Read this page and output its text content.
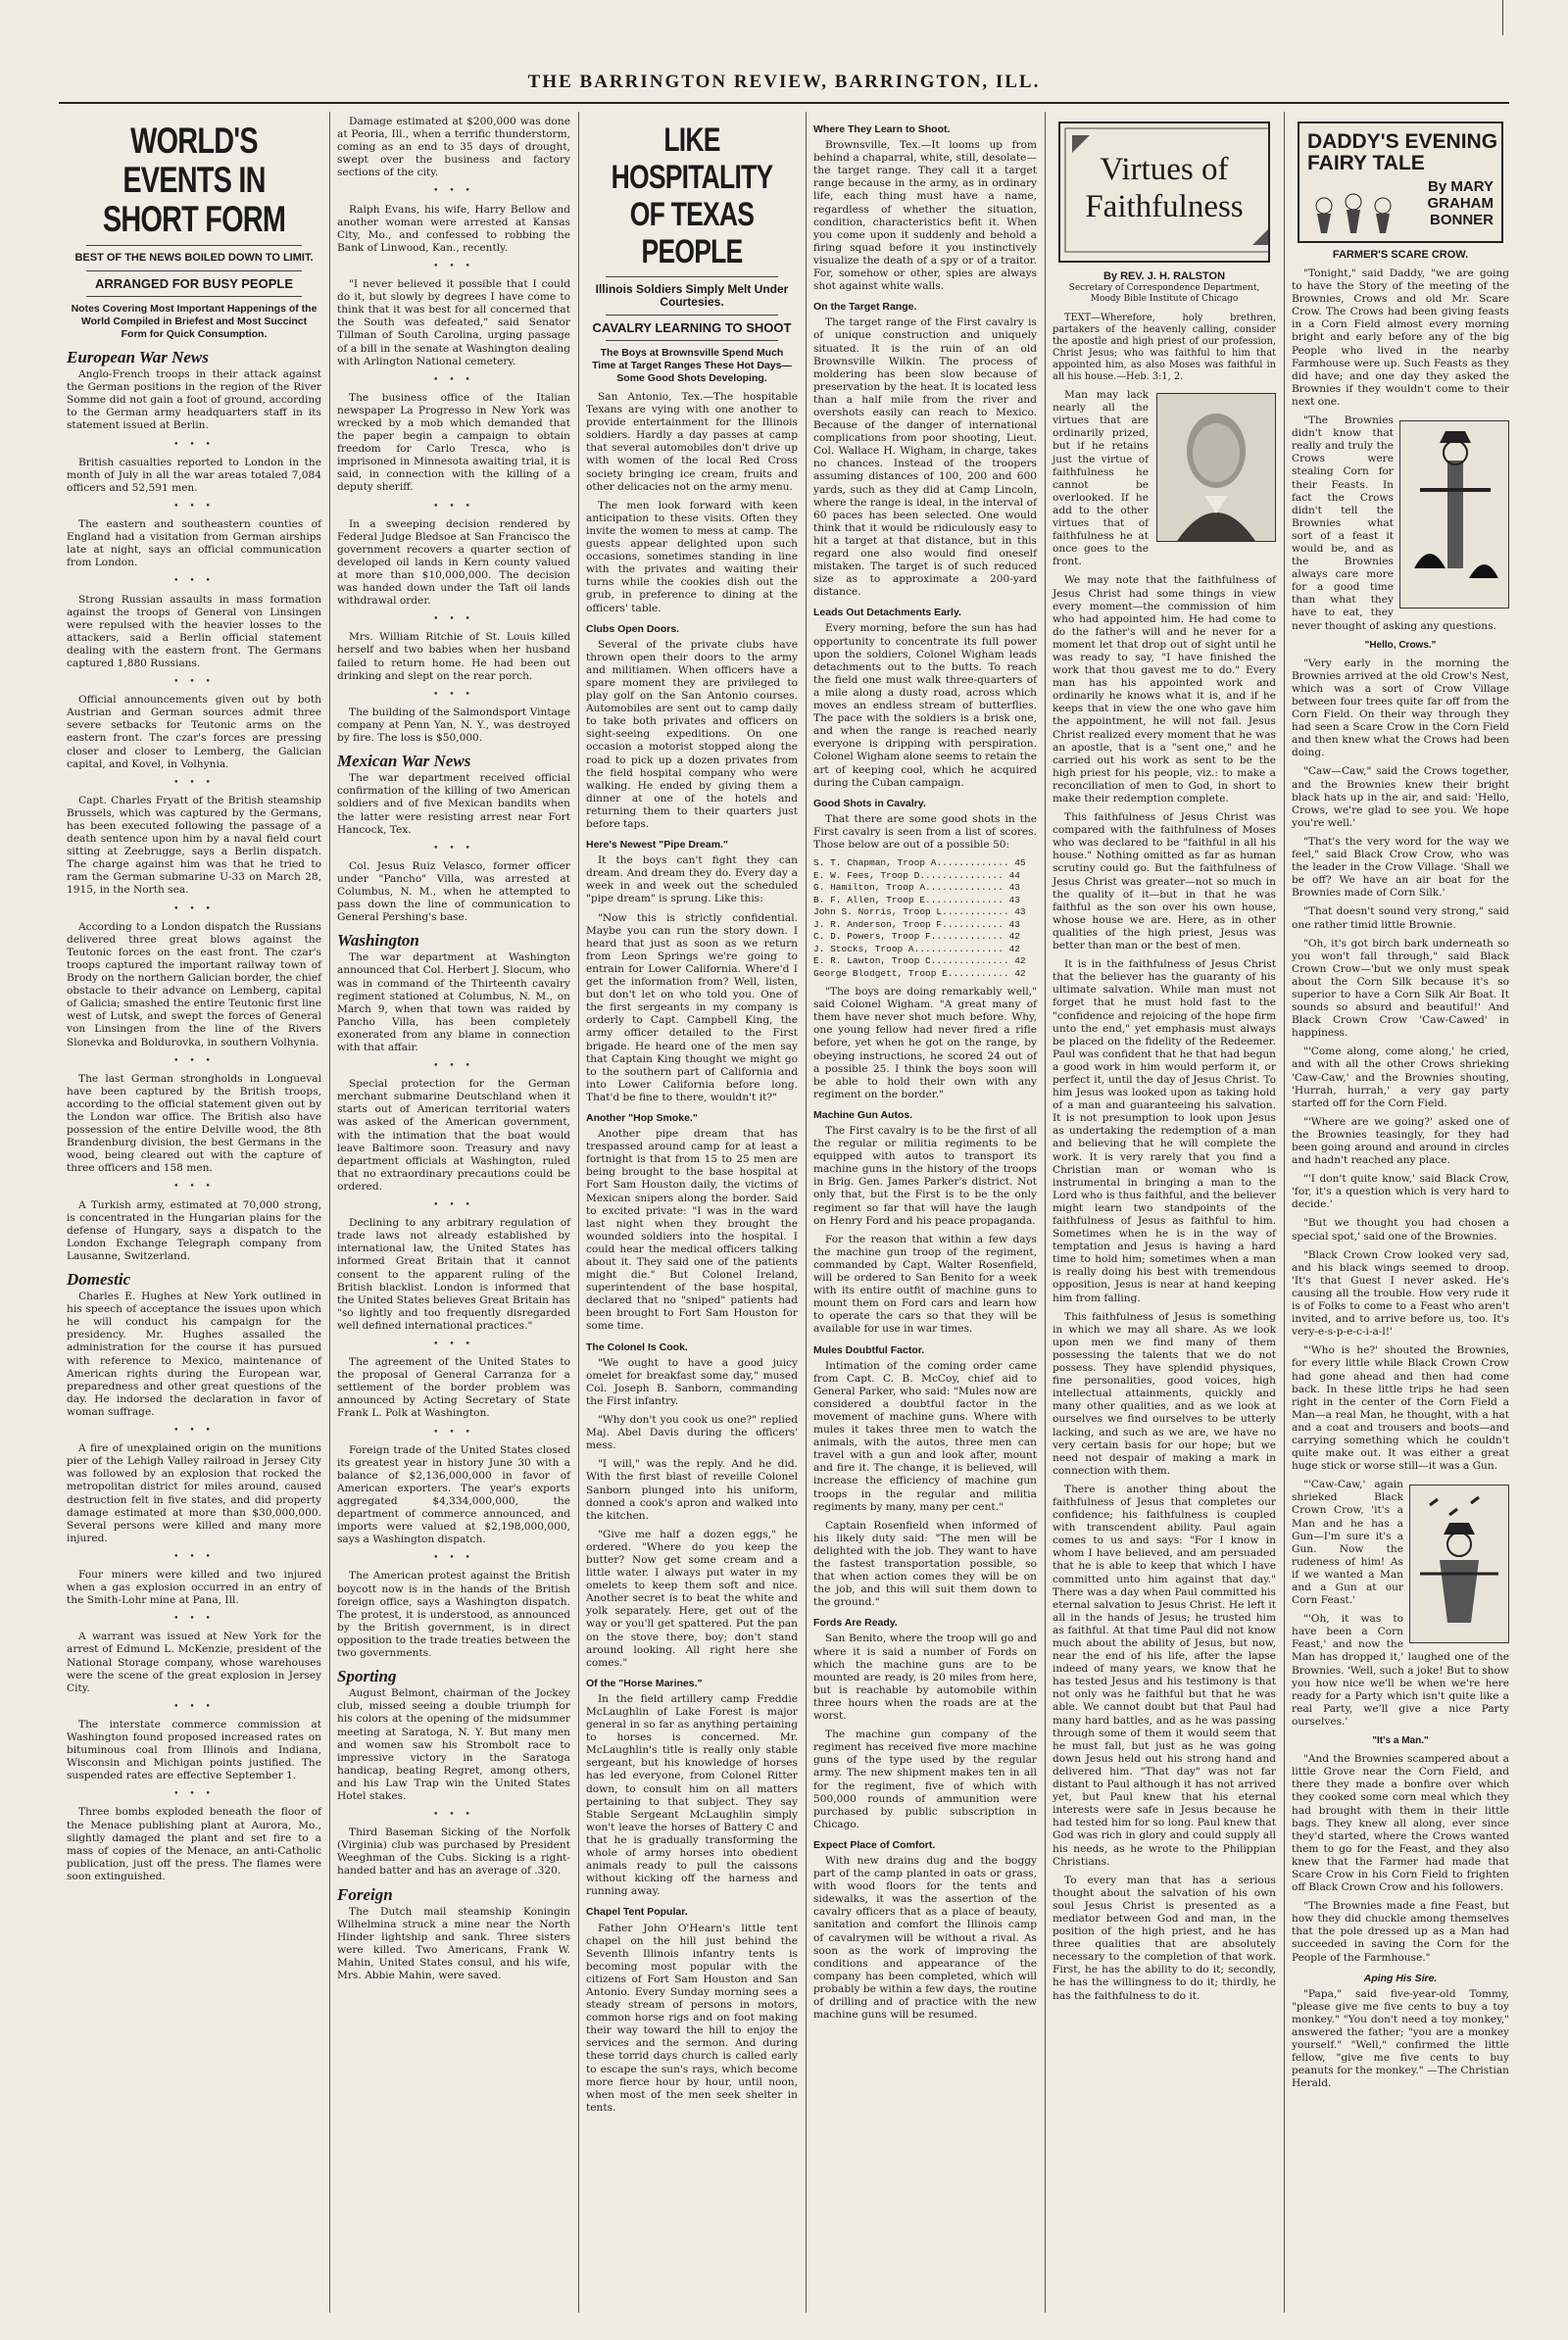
THE BARRINGTON REVIEW, BARRINGTON, ILL.
WORLD'S EVENTS IN SHORT FORM
BEST OF THE NEWS BOILED DOWN TO LIMIT.
ARRANGED FOR BUSY PEOPLE
Notes Covering Most Important Happenings of the World Compiled in Briefest and Most Succinct Form for Quick Consumption.
European War News

Anglo-French troops in their attack against the German positions in the region of the River Somme did not gain a foot of ground, according to the German army headquarters staff in its statement issued at Berlin.

• • •

British casualties reported to London in the month of July in all the war areas totaled 7,084 officers and 52,591 men.

• • •

The eastern and southeastern counties of England had a visitation from German airships late at night, says an official communication from London.

• • •

Strong Russian assaults in mass formation against the troops of General von Linsingen were repulsed with the heavier losses to the attackers, said a Berlin official statement dealing with the eastern front. The Germans captured 1,880 Russians.

• • •

Official announcements given out by both Austrian and German sources admit three severe setbacks for Teutonic arms on the eastern front. The czar's forces are pressing closer and closer to Lemberg, the Galician capital, and Kovel, in Volhynia.

• • •

Capt. Charles Fryatt of the British steamship Brussels, which was captured by the Germans, has been executed following the passage of a death sentence upon him by a naval field court sitting at Zeebrugge, says a Berlin dispatch. The charge against him was that he tried to ram the German submarine U-33 on March 28, 1915, in the North sea.

• • •

According to a London dispatch the Russians delivered three great blows against the Teutonic forces on the east front. The czar's troops captured the important railway town of Brody on the northern Galician border, the chief obstacle to their advance on Lemberg, capital of Galicia; smashed the entire Teutonic first line west of Lutsk, and swept the forces of General von Linsingen from the line of the Rivers Slonevka and Boldurovka, in southern Volhynia.

• • •

The last German strongholds in Longueval have been captured by the British troops, according to the official statement given out by the London war office. The British also have possession of the entire Delville wood, the 8th Brandenburg division, the best Germans in the wood, being cleared out with the capture of three officers and 158 men.

• • •

A Turkish army, estimated at 70,000 strong, is concentrated in the Hungarian plains for the defense of Hungary, says a dispatch to the London Exchange Telegraph company from Lausanne, Switzerland.

Domestic

Charles E. Hughes at New York outlined in his speech of acceptance the issues upon which he will conduct his campaign for the presidency. Mr. Hughes assailed the administration for the course it has pursued with reference to Mexico, maintenance of American rights during the European war, preparedness and other great questions of the day. He indorsed the declaration in favor of woman suffrage.

• • •

A fire of unexplained origin on the munitions pier of the Lehigh Valley railroad in Jersey City was followed by an explosion that rocked the metropolitan district for miles around, caused destruction felt in five states, and did property damage estimated at more than $30,000,000. Several persons were killed and many more injured.

• • •

Four miners were killed and two injured when a gas explosion occurred in an entry of the Smith-Lohr mine at Pana, Ill.

• • •

A warrant was issued at New York for the arrest of Edmund L. McKenzie, president of the National Storage company, whose warehouses were the scene of the great explosion in Jersey City.

• • •

The interstate commerce commission at Washington found proposed increased rates on bituminous coal from Illinois and Indiana, Wisconsin and Michigan points justified. The suspended rates are effective September 1.

• • •

Three bombs exploded beneath the floor of the Menace publishing plant at Aurora, Mo., slightly damaged the plant and set fire to a mass of copies of the Menace, an anti-Catholic publication, just off the press. The flames were soon extinguished.

Damage estimated at $200,000 was done at Peoria, Ill., when a terrific thunderstorm, coming as an end to 35 days of drought, swept over the business and factory sections of the city.

• • •

Ralph Evans, his wife, Harry Bellow and another woman were arrested at Kansas City, Mo., and confessed to robbing the Bank of Linwood, Kan., recently.

• • •

"I never believed it possible that I could do it, but slowly by degrees I have come to think that it was best for all concerned that the South was defeated," said Senator Tillman of South Carolina, urging passage of a bill in the senate at Washington dealing with Arlington National cemetery.

• • •

The business office of the Italian newspaper La Progresso in New York was wrecked by a mob which demanded that the paper begin a campaign to obtain freedom for Carlo Tresca, who is imprisoned in Minnesota awaiting trial, it is said, in connection with the killing of a deputy sheriff.

• • •

In a sweeping decision rendered by Federal Judge Bledsoe at San Francisco the government recovers a quarter section of developed oil lands in Kern county valued at more than $10,000,000. The decision was handed down under the Taft oil lands withdrawal order.

• • •

Mrs. William Ritchie of St. Louis killed herself and two babies when her husband failed to return home. He had been out drinking and slept on the rear porch.

• • •

The building of the Salmondsport Vintage company at Penn Yan, N. Y., was destroyed by fire. The loss is $50,000.

Mexican War News

The war department received official confirmation of the killing of two American soldiers and of five Mexican bandits when the latter were resisting arrest near Fort Hancock, Tex.

• • •

Col. Jesus Ruiz Velasco, former officer under "Pancho" Villa, was arrested at Columbus, N. M., when he attempted to pass down the line of communication to General Pershing's base.

Washington

The war department at Washington announced that Col. Herbert J. Slocum, who was in command of the Thirteenth cavalry regiment stationed at Columbus, N. M., on March 9, when that town was raided by Pancho Villa, has been completely exonerated from any blame in connection with that affair.

• • •

Special protection for the German merchant submarine Deutschland when it starts out of American territorial waters was asked of the American government, with the intimation that the boat would leave Baltimore soon. Treasury and navy department officials at Washington, ruled that no extraordinary precautions could be ordered.

• • •

Declining to any arbitrary regulation of trade laws not already established by international law, the United States has informed Great Britain that it cannot consent to the apparent ruling of the British blacklist. London is informed that the United States believes Great Britain has "so lightly and too frequently disregarded well defined international practices."

• • •

The agreement of the United States to the proposal of General Carranza for a settlement of the border problem was announced by Acting Secretary of State Frank L. Polk at Washington.

• • •

Foreign trade of the United States closed its greatest year in history June 30 with a balance of $2,136,000,000 in favor of American exporters. The year's exports aggregated $4,334,000,000, the department of commerce announced, and imports were valued at $2,198,000,000, says a Washington dispatch.

• • •

The American protest against the British boycott now is in the hands of the British foreign office, says a Washington dispatch. The protest, it is understood, as announced by the British government, is in direct opposition to the trade treaties between the two governments.

Sporting

August Belmont, chairman of the Jockey club, missed seeing a double triumph for his colors at the opening of the midsummer meeting at Saratoga, N. Y. But many men and women saw his Strombolt race to impressive victory in the Saratoga handicap, beating Regret, among others, and his Law Trap win the United States Hotel stakes.

• • •

Third Baseman Sicking of the Norfolk (Virginia) club was purchased by President Weeghman of the Cubs. Sicking is a right-handed batter and has an average of .320.

Foreign

The Dutch mail steamship Koningin Wilhelmina struck a mine near the North Hinder lightship and sank. Three sisters were killed. Two Americans, Frank W. Mahin, United States consul, and his wife, Mrs. Abbie Mahin, were saved.

LIKE HOSPITALITY OF TEXAS PEOPLE
Illinois Soldiers Simply Melt Under Courtesies.
CAVALRY LEARNING TO SHOOT
The Boys at Brownsville Spend Much Time at Target Ranges These Hot Days—Some Good Shots Developing.

San Antonio, Tex.—The hospitable Texans are vying with one another to provide entertainment for the Illinois soldiers. Hardly a day passes at camp that several automobiles don't drive up with women of the local Red Cross society bringing ice cream, fruits and other delicacies not on the army menu.

The men look forward with keen anticipation to these visits. Often they invite the women to mess at camp. The guests appear delighted upon such occasions, sometimes standing in line with the privates and waiting their turns while the cookies dish out the grub, in preference to dining at the officers' table.

Clubs Open Doors.

Several of the private clubs have thrown open their doors to the army and militiamen. When officers have a spare moment they are privileged to play golf on the San Antonio courses. Automobiles are sent out to camp daily to take both privates and officers on sight-seeing expeditions. On one occasion a motorist stopped along the road to pick up a dozen privates from the field hospital company who were walking. He ended by giving them a dinner at one of the hotels and returning them to their quarters just before taps.

Here's Newest "Pipe Dream."

It the boys can't fight they can dream. And dream they do. Every day a week in and week out the scheduled "pipe dream" is sprung. Like this:

"Now this is strictly confidential. Maybe you can run the story down. I heard that just as soon as we return from Leon Springs we're going to entrain for Lower California. Where'd I get the information from? Well, listen, but don't let on who told you. One of the first sergeants in my company is orderly to Capt. Campbell King, the army officer detailed to the First brigade. He heard one of the men say that Captain King thought we might go to the southern part of California and into Lower California before long. That'd be fine to there, wouldn't it?"

Another "Hop Smoke."

Another pipe dream that has trespassed around camp for at least a fortnight is that from 15 to 25 men are being brought to the base hospital at Fort Sam Houston daily, the victims of Mexican snipers along the border. Said to excited private: "I was in the ward last night when they brought the wounded soldiers into the hospital. I could hear the medical officers talking about it. They said one of the patients might die." But Colonel Ireland, superintendent of the base hospital, declared that no "sniped" patients had been brought to Fort Sam Houston for some time.

The Colonel Is Cook.

"We ought to have a good juicy omelet for breakfast some day," mused Col. Joseph B. Sanborn, commanding the First infantry.

"Why don't you cook us one?" replied Maj. Abel Davis during the officers' mess.

"I will," was the reply. And he did. With the first blast of reveille Colonel Sanborn plunged into his uniform, donned a cook's apron and walked into the kitchen.

"Give me half a dozen eggs," he ordered. "Where do you keep the butter? Now get some cream and a little water. I always put water in my omelets to keep them soft and nice. Another secret is to beat the white and yolk separately. Here, get out of the way or you'll get spattered. Put the pan on the stove there, boy; don't stand around looking. All right here she comes."

Of the "Horse Marines."

In the field artillery camp Freddie McLaughlin of Lake Forest is major general in so far as anything pertaining to horses is concerned. Mr. McLaughlin's title is really only stable sergeant, but his knowledge of horses has led everyone, from Colonel Ritter down, to consult him on all matters pertaining to that subject. They say Stable Sergeant McLaughlin simply won't leave the horses of Battery C and that he is gradually transforming the whole of army horses into obedient animals ready to pull the caissons without kicking off the harness and running away.

Chapel Tent Popular.

Father John O'Hearn's little tent chapel on the hill just behind the Seventh Illinois infantry tents is becoming most popular with the citizens of Fort Sam Houston and San Antonio. Every Sunday morning sees a steady stream of persons in motors, common horse rigs and on foot making their way toward the hill to enjoy the services and the sermon. And during these torrid days church is called early to escape the sun's rays, which become more fierce hour by hour, until noon, when most of the men seek shelter in tents.

Where They Learn to Shoot.

Brownsville, Tex.—It looms up from behind a chaparral, white, still, desolate—the target range. They call it a target range because in the army, as in ordinary life, each thing must have a name, regardless of whether the situation, condition, characteristics befit it. When you come upon it suddenly and behold a firing squad before it you instinctively visualize the death of a spy or of a traitor. For, somehow or other, spies are always shot against white walls.

On the Target Range.

The target range of the First cavalry is of unique construction and uniquely situated. It is the ruin of an old Brownsville Wilkin. The process of moldering has been slow because of preservation by the heat. It is located less than a half mile from the river and overshots easily can reach to Mexico. Because of the danger of international complications from poor shooting, Lieut. Col. Wallace H. Wigham, in charge, takes no chances. Instead of the troopers assuming distances of 100, 200 and 600 yards, such as they did at Camp Lincoln, where the range is ideal, in the interval of 60 paces has been selected. One would think that it would be ridiculously easy to hit a target at that distance, but in this regard one also would find oneself mistaken. The target is of such reduced size as to approximate a 200-yard distance.

Leads Out Detachments Early.

Every morning, before the sun has had opportunity to concentrate its full power upon the soldiers, Colonel Wigham leads detachments out to the butts. To reach the field one must walk three-quarters of a mile along a dusty road, across which moves an endless stream of butterflies. The pace with the soldiers is a brisk one, and when the range is reached nearly everyone is dripping with perspiration. Colonel Wigham alone seems to retain the art of keeping cool, which he acquired during the Cuban campaign.

Good Shots in Cavalry.

That there are some good shots in the First cavalry is seen from a list of scores. Those below are out of a possible 50:

S. T. Chapman, Troop A............. 45

E. W. Fees, Troop D............... 44

G. Hamilton, Troop A.............. 43

B. F. Allen, Troop E.............. 43

John S. Norris, Troop L............ 43

J. R. Anderson, Troop F........... 43

C. D. Powers, Troop F............. 42

J. Stocks, Troop A................ 42

E. R. Lawton, Troop C.............. 42

George Blodgett, Troop E........... 42

"The boys are doing remarkably well," said Colonel Wigham. "A great many of them have never shot much before. Why, one young fellow had never fired a rifle before, yet when he got on the range, by obeying instructions, he scored 24 out of a possible 25. I think the boys soon will be able to hold their own with any regiment on the border."

Machine Gun Autos.

The First cavalry is to be the first of all the regular or militia regiments to be equipped with autos to transport its machine guns in the history of the troops in Brig. Gen. James Parker's district. Not only that, but the First is to be the only regiment so far that will have the laugh on Henry Ford and his peace propaganda.

For the reason that within a few days the machine gun troop of the regiment, commanded by Capt. Walter Rosenfield, will be ordered to San Benito for a week with its entire outfit of machine guns to mount them on Ford cars and learn how to operate the cars so that they will be available for use in war times.

Mules Doubtful Factor.

Intimation of the coming order came from Capt. C. B. McCoy, chief aid to General Parker, who said: "Mules now are considered a doubtful factor in the movement of machine guns. Where with mules it takes three men to watch the animals, with the autos, three men can travel with a gun and look after, mount and fire it. The change, it is believed, will increase the efficiency of machine gun troops in the regular and militia regiments by many, many per cent."

Captain Rosenfield when informed of his likely duty said: "The men will be delighted with the job. They want to have the fastest transportation possible, so that when action comes they will be on the job, and this will suit them down to the ground."

Fords Are Ready.

San Benito, where the troop will go and where it is said a number of Fords on which the machine guns are to be mounted are ready, is 20 miles from here, but is reachable by automobile within three hours when the roads are at the worst.

The machine gun company of the regiment has received five more machine guns of the type used by the regular army. The new shipment makes ten in all for the regiment, five of which with 500,000 rounds of ammunition were purchased by public subscription in Chicago.

Expect Place of Comfort.

With new drains dug and the boggy part of the camp planted in oats or grass, with wood floors for the tents and sidewalks, it was the assertion of the cavalry officers that as a place of beauty, sanitation and comfort the Illinois camp of cavalrymen will be without a rival. As soon as the work of improving the conditions and appearance of the company has been completed, which will probably be within a few days, the routine of drilling and of practice with the new machine guns will be resumed.

Virtues of Faithfulness
By REV. J. H. RALSTON
Secretary of Correspondence Department, Moody Bible Institute of Chicago

TEXT—Wherefore, holy brethren, partakers of the heavenly calling, consider the apostle and high priest of our profession, Christ Jesus; who was faithful to him that appointed him, as also Moses was faithful in all his house.—Heb. 3:1, 2.

Man may lack nearly all the virtues that are ordinarily prized, but if he retains just the virtue of faithfulness he cannot be overlooked. If he add to the other virtues that of faithfulness he at once goes to the front.

We may note that the faithfulness of Jesus Christ had some things in view every moment—the commission of him who had appointed him. He had come to do the father's will and he never for a moment let that drop out of sight until he was ready to say, "I have finished the work that thou gavest me to do." Every man has his appointed work and ordinarily he knows what it is, and if he keeps that in view the one who gave him the appointment, he will not fail. Jesus Christ realized every moment that he was an apostle, that is a "sent one," and he carried out his work as sent to be the high priest for his people, viz.: to make a reconciliation of men to God, in short to make their redemption complete.

This faithfulness of Jesus Christ was compared with the faithfulness of Moses who was declared to be "faithful in all his house." Nothing omitted as far as human scrutiny could go. But the faithfulness of Jesus Christ was greater—not so much in the quality of it—but in that he was faithful as the son over his own house, whose house we are. Here, as in other qualities of the high priest, Jesus was better than man or the best of men.

It is in the faithfulness of Jesus Christ that the believer has the guaranty of his ultimate salvation. While man must not forget that he must hold fast to the "confidence and rejoicing of the hope firm unto the end," yet emphasis must always be placed on the fidelity of the Redeemer. Paul was confident that he that had begun a good work in him would perform it, or perfect it, until the day of Jesus Christ. To him Jesus was looked upon as taking hold of a man and guaranteeing his salvation. It is not presumption to look upon Jesus as undertaking the redemption of a man and believing that he will complete the work. It is very rarely that you find a Christian man or woman who is instrumental in bringing a man to the Lord who is thus faithful, and the believer might learn two standpoints of the faithfulness of Jesus as faithful to him. Sometimes when he is in the way of temptation and Jesus is having a hard time to hold him; sometimes when a man is really doing his best with tremendous opposition, Jesus is near at hand keeping him from falling.

This faithfulness of Jesus is something in which we may all share. As we look upon men we find many of them possessing the talents that we do not possess. They have splendid physiques, fine personalities, good voices, high intellectual attainments, quickly and many other qualities, and as we look at ourselves we find ourselves to be utterly lacking, and such as we are, we have no very certain basis for our hope; but we need not despair of making a mark in connection with them.

There is another thing about the faithfulness of Jesus that completes our confidence; his faithfulness is coupled with transcendent ability. Paul again comes to us and says: "For I know in whom I have believed, and am persuaded that he is able to keep that which I have committed unto him against that day." There was a day when Paul committed his eternal salvation to Jesus Christ. He left it all in the hands of Jesus; he trusted him as faithful. At that time Paul did not know much about the ability of Jesus, but now, near the end of his life, after the lapse indeed of many years, we know that he has tested Jesus and his testimony is that not only was he faithful but that he was able. We cannot doubt but that Paul had many hard battles, and as he was passing through some of them it would seem that he must fall, but just as he was going down Jesus held out his strong hand and delivered him. "That day" was not far distant to Paul although it has not arrived yet, but Paul knew that his eternal interests were safe in Jesus because he had tested him for so long. Paul knew that God was rich in glory and could supply all his needs, as he wrote to the Philippian Christians.

To every man that has a serious thought about the salvation of his own soul Jesus Christ is presented as a mediator between God and man, in the position of the high priest, and he has three qualities that are absolutely necessary to the completion of that work. First, he has the ability to do it; secondly, he has the willingness to do it; thirdly, he has the faithfulness to do it.

DADDY'S EVENING
FAIRY TALE
By MARY GRAHAM BONNER
FARMER'S SCARE CROW.

"Tonight," said Daddy, "we are going to have the Story of the meeting of the Brownies, Crows and old Mr. Scare Crow. The Crows had been giving feasts in a Corn Field almost every morning bright and early before any of the big People who lived in the nearby Farmhouse were up. Such Feasts as they did have; and one day they asked the Brownies if they wouldn't come to their next one.

"The Brownies didn't know that really and truly the Crows were stealing Corn for their Feasts. In fact the Crows didn't tell the Brownies what sort of a feast it would be, and as the Brownies always care more for a good time than what they have to eat, they never thought of asking any questions.

"Hello, Crows."

"Very early in the morning the Brownies arrived at the old Crow's Nest, which was a sort of Crow Village between four trees quite far off from the Corn Field. On their way through they had seen a Scare Crow in the Corn Field and then knew what the Crows had been doing.

"Caw—Caw," said the Crows together, and the Brownies knew their bright black hats up in the air, and said: 'Hello, Crows, we're glad to see you. We hope you're well.'

"That's the very word for the way we feel," said Black Crow Crow, who was the leader in the Crow Village. 'Shall we be off? We have an air boat for the Brownies made of Corn Silk.'

"That doesn't sound very strong," said one rather timid little Brownie.

"Oh, it's got birch bark underneath so you won't fall through," said Black Crown Crow—'but we only must speak about the Corn Silk because it's so superior to have a Corn Silk Air Boat. It sounds so absurd and beautiful!' And Black Crown Crow 'Caw-Cawed' in happiness.

"'Come along, come along,' he cried, and with all the other Crows shrieking 'Caw-Caw,' and the Brownies shouting, 'Hurrah, hurrah,' a very gay party started off for the Corn Field.

"'Where are we going?' asked one of the Brownies teasingly, for they had been going around and around in circles and hadn't reached any place.

"'I don't quite know,' said Black Crow, 'for, it's a question which is very hard to decide.'

"But we thought you had chosen a special spot,' said one of the Brownies.

"Black Crown Crow looked very sad, and his black wings seemed to droop. 'It's that Guest I never asked. He's causing all the trouble. How very rude it is of Folks to come to a Feast who aren't invited, and to arrive before us, too. It's very-e-s-p-e-c-i-a-l!'

"'Who is he?' shouted the Brownies, for every little while Black Crown Crow had gone ahead and then had come back. In these little trips he had seen right in the center of the Corn Field a Man—a real Man, he thought, with a hat and a coat and trousers and boots—and carrying something which he couldn't quite make out. It was either a great huge stick or worse still—it was a Gun.

"'Caw-Caw,' again shrieked Black Crown Crow, 'it's a Man and he has a Gun—I'm sure it's a Gun. Now the rudeness of him! As if we wanted a Man and a Gun at our Corn Feast.'

"'Oh, it was to have been a Corn Feast,' and now the Man has dropped it,' laughed one of the Brownies. 'Well, such a joke! But to show you how nice we'll be when we're here ready for a Party which isn't quite like a real Party, we'll give a nice Party ourselves.'

"It's a Man."

"And the Brownies scampered about a little Grove near the Corn Field, and there they made a bonfire over which they cooked some corn meal which they had brought with them in their little bags. They knew all along, ever since they'd started, where the Crows wanted them to go for the Feast, and they also knew that the Farmer had made that Scare Crow in his Corn Field to frighten off Black Crown Crow and his followers.

"The Brownies made a fine Feast, but how they did chuckle among themselves that the pole dressed up as a Man had succeeded in saving the Corn for the People of the Farmhouse."

Aping His Sire.

"Papa," said five-year-old Tommy, "please give me five cents to buy a toy monkey." "You don't need a toy monkey," answered the father; "you are a monkey yourself." "Well," confirmed the little fellow, "give me five cents to buy peanuts for the monkey." —The Christian Herald.
